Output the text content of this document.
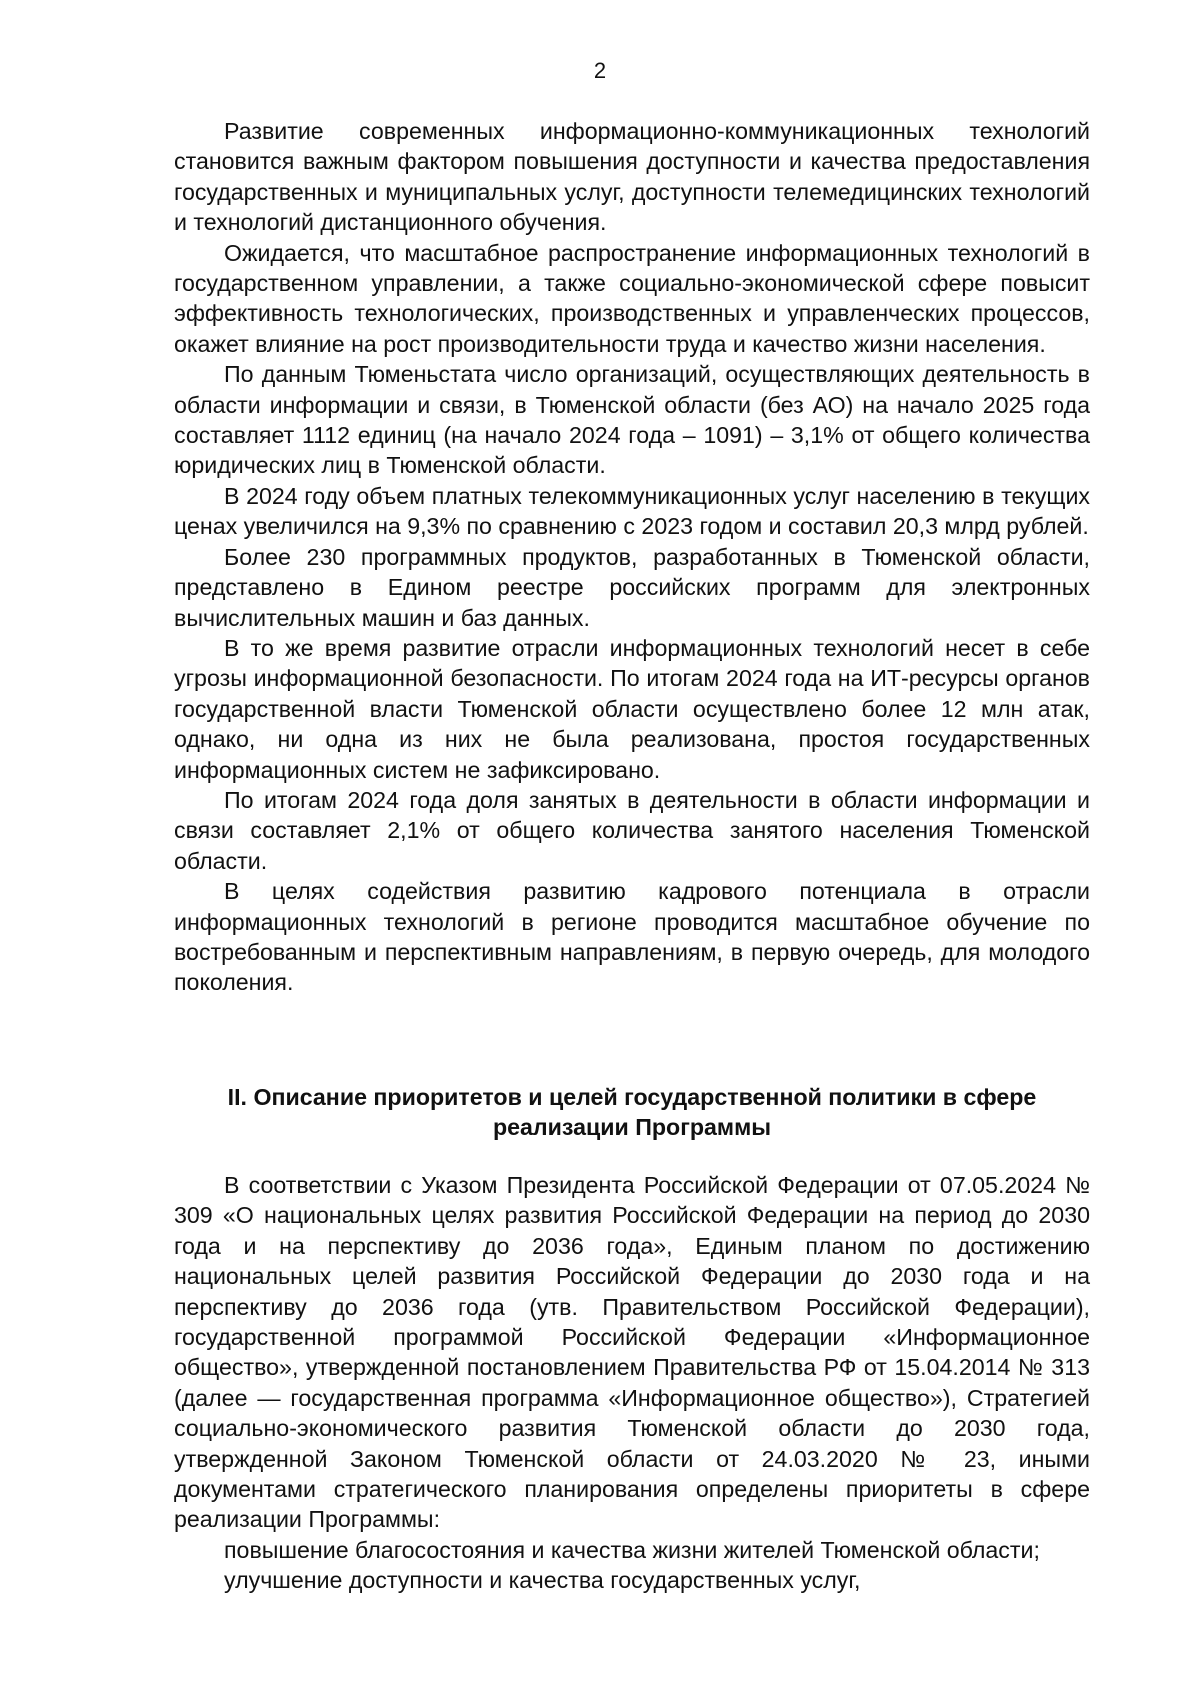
2

Развитие современных информационно-коммуникационных технологий становится важным фактором повышения доступности и качества предоставления государственных и муниципальных услуг, доступности телемедицинских технологий и технологий дистанционного обучения.

Ожидается, что масштабное распространение информационных технологий в государственном управлении, а также социально-экономической сфере повысит эффективность технологических, производственных и управленческих процессов, окажет влияние на рост производительности труда и качество жизни населения.

По данным Тюменьстата число организаций, осуществляющих деятельность в области информации и связи, в Тюменской области (без АО) на начало 2025 года составляет 1112 единиц (на начало 2024 года – 1091) – 3,1% от общего количества юридических лиц в Тюменской области.

В 2024 году объем платных телекоммуникационных услуг населению в текущих ценах увеличился на 9,3% по сравнению с 2023 годом и составил 20,3 млрд рублей.

Более 230 программных продуктов, разработанных в Тюменской области, представлено в Едином реестре российских программ для электронных вычислительных машин и баз данных.

В то же время развитие отрасли информационных технологий несет в себе угрозы информационной безопасности. По итогам 2024 года на ИТ-ресурсы органов государственной власти Тюменской области осуществлено более 12 млн атак, однако, ни одна из них не была реализована, простоя государственных информационных систем не зафиксировано.

По итогам 2024 года доля занятых в деятельности в области информации и связи составляет 2,1% от общего количества занятого населения Тюменской области.

В целях содействия развитию кадрового потенциала в отрасли информационных технологий в регионе проводится масштабное обучение по востребованным и перспективным направлениям, в первую очередь, для молодого поколения.

II. Описание приоритетов и целей государственной политики в сфере реализации Программы

В соответствии с Указом Президента Российской Федерации от 07.05.2024 № 309 «О национальных целях развития Российской Федерации на период до 2030 года и на перспективу до 2036 года», Единым планом по достижению национальных целей развития Российской Федерации до 2030 года и на перспективу до 2036 года (утв. Правительством Российской Федерации), государственной программой Российской Федерации «Информационное общество», утвержденной постановлением Правительства РФ от 15.04.2014 № 313 (далее — государственная программа «Информационное общество»), Стратегией социально-экономического развития Тюменской области до 2030 года, утвержденной Законом Тюменской области от 24.03.2020 № 23, иными документами стратегического планирования определены приоритеты в сфере реализации Программы:

повышение благосостояния и качества жизни жителей Тюменской области;

улучшение доступности и качества государственных услуг,
